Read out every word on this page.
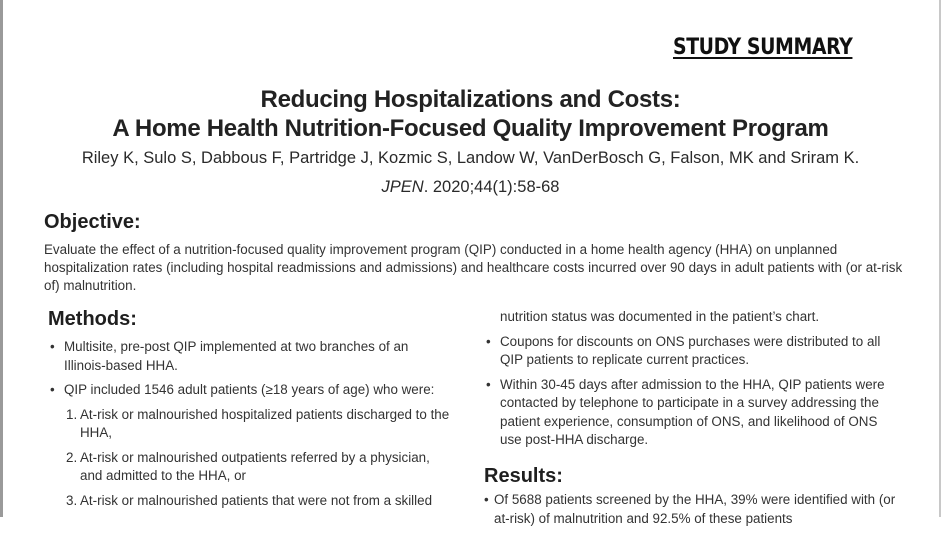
STUDY SUMMARY
Reducing Hospitalizations and Costs:
A Home Health Nutrition-Focused Quality Improvement Program
Riley K, Sulo S, Dabbous F, Partridge J, Kozmic S, Landow W, VanDerBosch G, Falson, MK and Sriram K.
JPEN. 2020;44(1):58-68
Objective:
Evaluate the effect of a nutrition-focused quality improvement program (QIP) conducted in a home health agency (HHA) on unplanned hospitalization rates (including hospital readmissions and admissions) and healthcare costs incurred over 90 days in adult patients with (or at-risk of) malnutrition.
Methods:
• Multisite, pre-post QIP implemented at two branches of an Illinois-based HHA.
• QIP included 1546 adult patients (≥18 years of age) who were:
1. At-risk or malnourished hospitalized patients discharged to the HHA,
2. At-risk or malnourished outpatients referred by a physician, and admitted to the HHA, or
3. At-risk or malnourished patients that were not from a skilled
nutrition status was documented in the patient’s chart.
• Coupons for discounts on ONS purchases were distributed to all QIP patients to replicate current practices.
• Within 30-45 days after admission to the HHA, QIP patients were contacted by telephone to participate in a survey addressing the patient experience, consumption of ONS, and likelihood of ONS use post-HHA discharge.
Results:
• Of 5688 patients screened by the HHA, 39% were identified with (or at-risk) of malnutrition and 92.5% of these patients
